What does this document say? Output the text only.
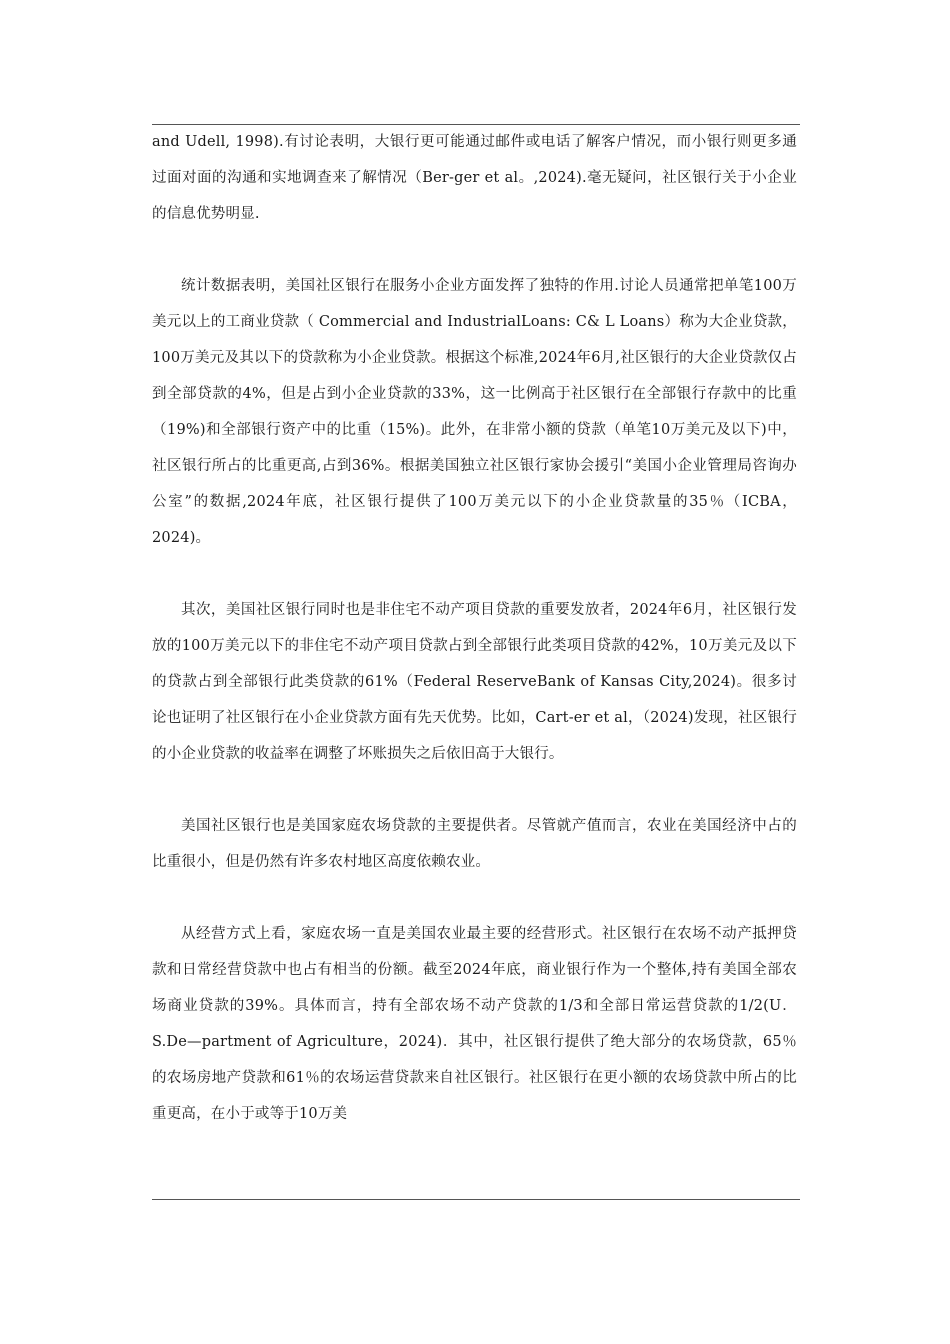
and Udell, 1998).有讨论表明，大银行更可能通过邮件或电话了解客户情况，而小银行则更多通过面对面的沟通和实地调查来了解情况（Ber-ger et al。,2024).毫无疑问，社区银行关于小企业的信息优势明显.

统计数据表明，美国社区银行在服务小企业方面发挥了独特的作用.讨论人员通常把单笔100万美元以上的工商业贷款（ Commercial and IndustrialLoans: C& L Loans）称为大企业贷款，100万美元及其以下的贷款称为小企业贷款。根据这个标准,2024年6月,社区银行的大企业贷款仅占到全部贷款的4%，但是占到小企业贷款的33%，这一比例高于社区银行在全部银行存款中的比重（19%)和全部银行资产中的比重（15%)。此外，在非常小额的贷款（单笔10万美元及以下)中，社区银行所占的比重更高,占到36%。根据美国独立社区银行家协会援引“美国小企业管理局咨询办公室”的数据,2024年底，社区银行提供了100万美元以下的小企业贷款量的35％（ICBA，2024)。

其次，美国社区银行同时也是非住宅不动产项目贷款的重要发放者，2024年6月，社区银行发放的100万美元以下的非住宅不动产项目贷款占到全部银行此类项目贷款的42%，10万美元及以下的贷款占到全部银行此类贷款的61%（Federal ReserveBank of Kansas City,2024)。很多讨论也证明了社区银行在小企业贷款方面有先天优势。比如，Cart-er et al，（2024)发现，社区银行的小企业贷款的收益率在调整了坏账损失之后依旧高于大银行。

美国社区银行也是美国家庭农场贷款的主要提供者。尽管就产值而言，农业在美国经济中占的比重很小，但是仍然有许多农村地区高度依赖农业。

从经营方式上看，家庭农场一直是美国农业最主要的经营形式。社区银行在农场不动产抵押贷款和日常经营贷款中也占有相当的份额。截至2024年底，商业银行作为一个整体,持有美国全部农场商业贷款的39%。具体而言，持有全部农场不动产贷款的1/3和全部日常运营贷款的1/2(U．S.De—partment of Agriculture，2024)．其中，社区银行提供了绝大部分的农场贷款，65％的农场房地产贷款和61％的农场运营贷款来自社区银行。社区银行在更小额的农场贷款中所占的比重更高，在小于或等于10万美
